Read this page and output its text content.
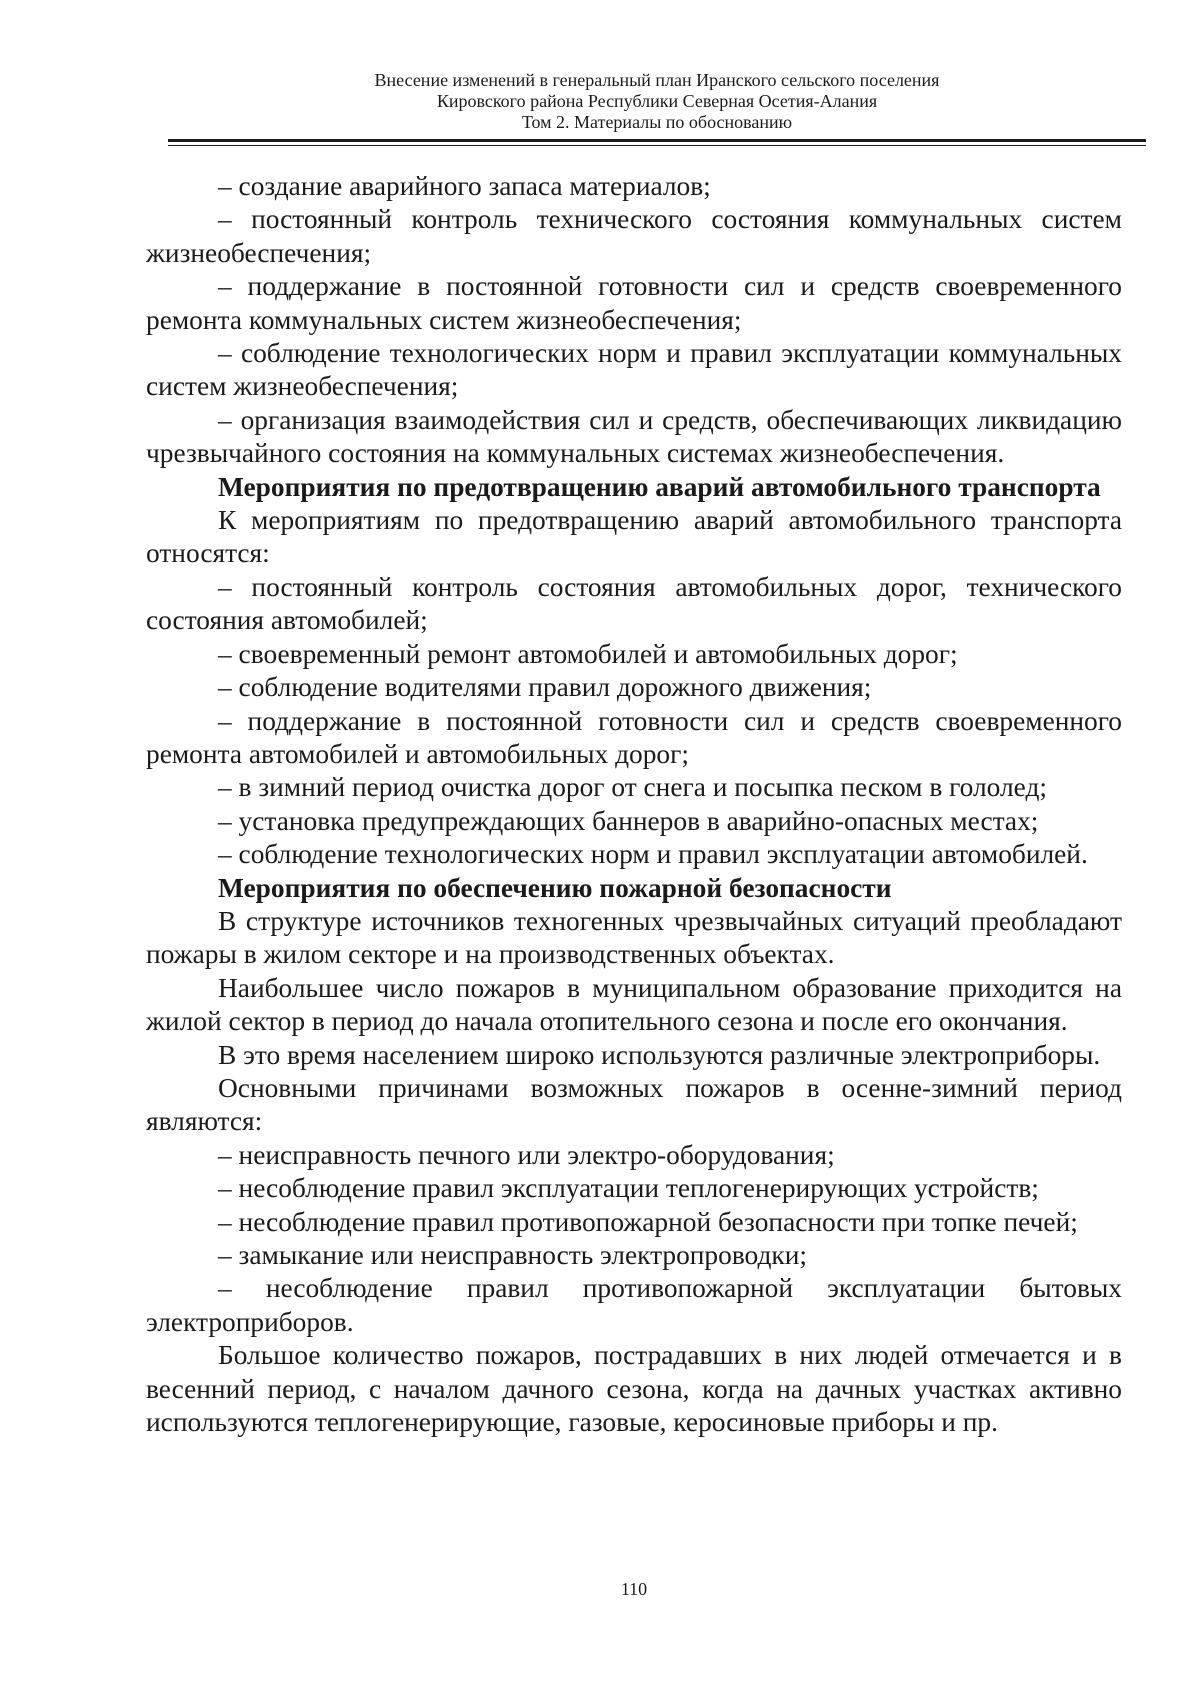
Внесение изменений в генеральный план Иранского сельского поселения
Кировского района Республики Северная Осетия-Алания
Том 2. Материалы по обоснованию

– создание аварийного запаса материалов;

– постоянный контроль технического состояния коммунальных систем жизнеобеспечения;

– поддержание в постоянной готовности сил и средств своевременного ремонта коммунальных систем жизнеобеспечения;

– соблюдение технологических норм и правил эксплуатации коммунальных систем жизнеобеспечения;

– организация взаимодействия сил и средств, обеспечивающих ликвидацию чрезвычайного состояния на коммунальных системах жизнеобеспечения.

Мероприятия по предотвращению аварий автомобильного транспорта

К мероприятиям по предотвращению аварий автомобильного транспорта относятся:

– постоянный контроль состояния автомобильных дорог, технического состояния автомобилей;

– своевременный ремонт автомобилей и автомобильных дорог;

– соблюдение водителями правил дорожного движения;

– поддержание в постоянной готовности сил и средств своевременного ремонта автомобилей и автомобильных дорог;

– в зимний период очистка дорог от снега и посыпка песком в гололед;

– установка предупреждающих баннеров в аварийно-опасных местах;

– соблюдение технологических норм и правил эксплуатации автомобилей.

Мероприятия по обеспечению пожарной безопасности

В структуре источников техногенных чрезвычайных ситуаций преобладают пожары в жилом секторе и на производственных объектах.

Наибольшее число пожаров в муниципальном образование приходится на жилой сектор в период до начала отопительного сезона и после его окончания.

В это время населением широко используются различные электроприборы.

Основными причинами возможных пожаров в осенне-зимний период являются:

– неисправность печного или электро-оборудования;

– несоблюдение правил эксплуатации теплогенерирующих устройств;

– несоблюдение правил противопожарной безопасности при топке печей;

– замыкание или неисправность электропроводки;

– несоблюдение правил противопожарной эксплуатации бытовых электроприборов.

Большое количество пожаров, пострадавших в них людей отмечается и в весенний период, с началом дачного сезона, когда на дачных участках активно используются теплогенерирующие, газовые, керосиновые приборы и пр.

110
